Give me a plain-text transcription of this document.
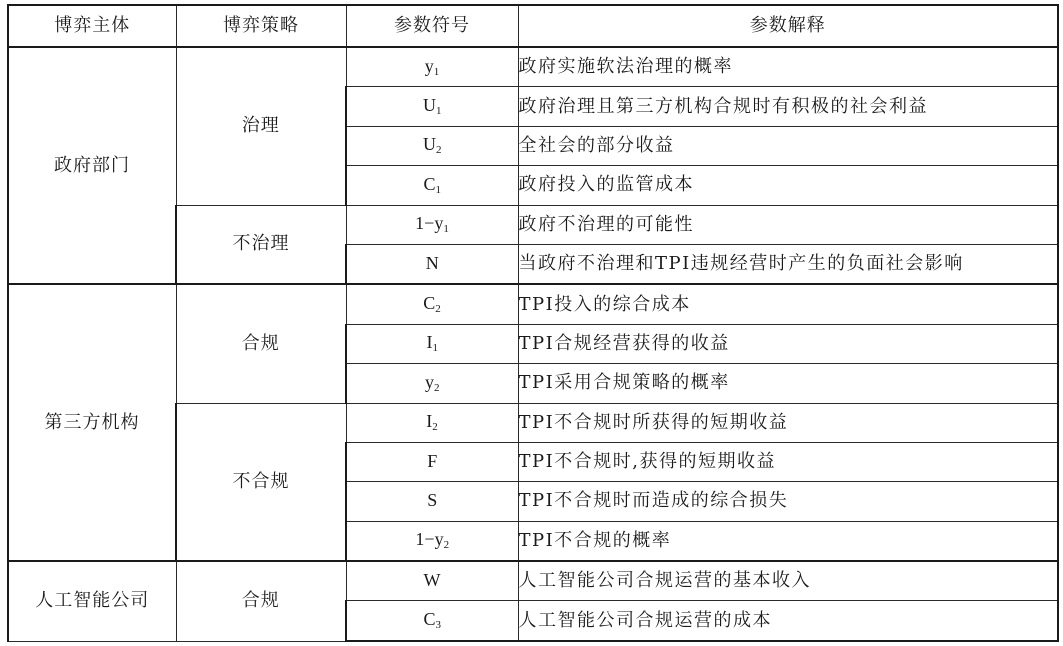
博弈主体	博弈策略	参数符号	参数解释
政府部门	治理	$y_1$	政府实施软法治理的概率
		$U_1$	政府治理且第三方机构合规时有积极的社会利益
		$U_2$	全社会的部分收益
		$C_1$	政府投入的监管成本
	不治理	$1-y_1$	政府不治理的可能性
		N	当政府不治理和TPI违规经营时产生的负面社会影响
第三方机构	合规	$C_2$	TPI投入的综合成本
		$I_1$	TPI合规经营获得的收益
		$y_2$	TPI采用合规策略的概率
	不合规	$I_2$	TPI不合规时所获得的短期收益
		F	TPI不合规时,获得的短期收益
		S	TPI不合规时而造成的综合损失
		$1-y_2$	TPI不合规的概率
人工智能公司	合规	W	人工智能公司合规运营的基本收入
		$C_3$	人工智能公司合规运营的成本
